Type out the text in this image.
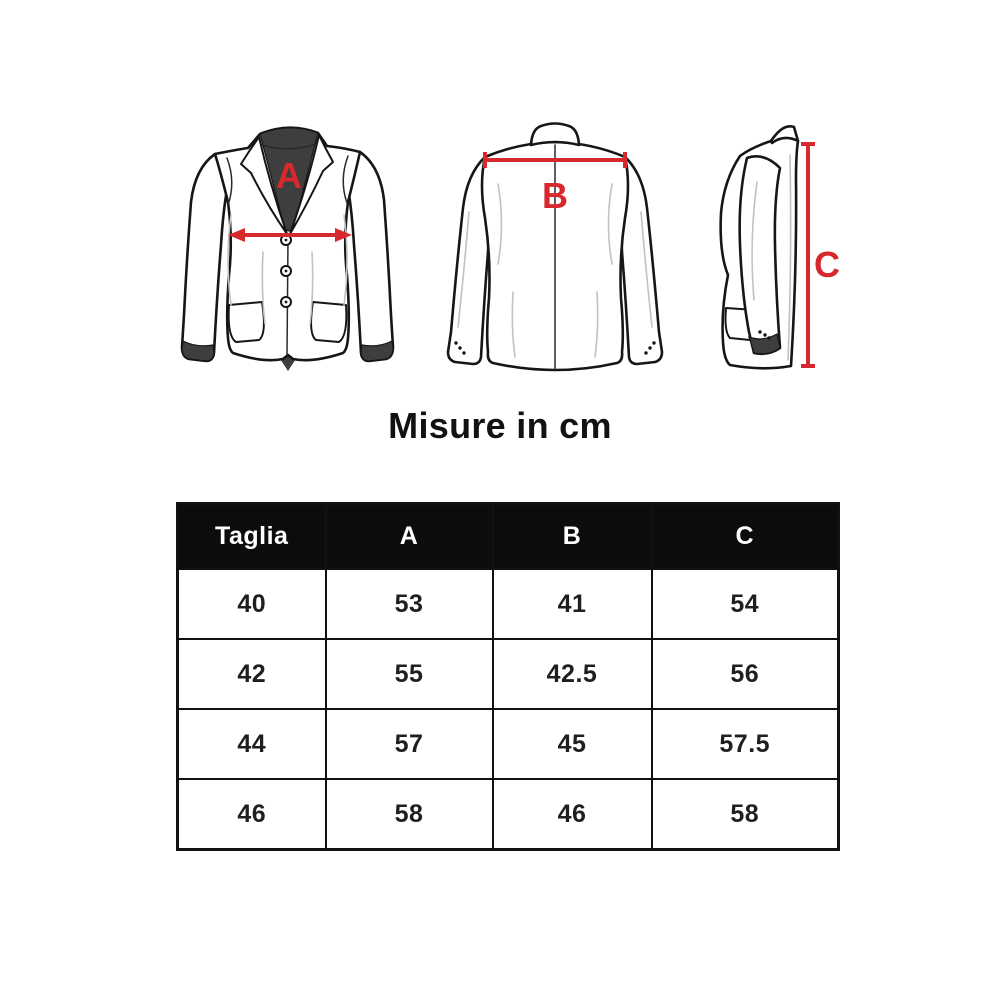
A	B
C
Misure in cm
Taglia	A	B	C
40	53	41	54
42	55	42.5	56
44	57	45	57.5
46	58	46	58
